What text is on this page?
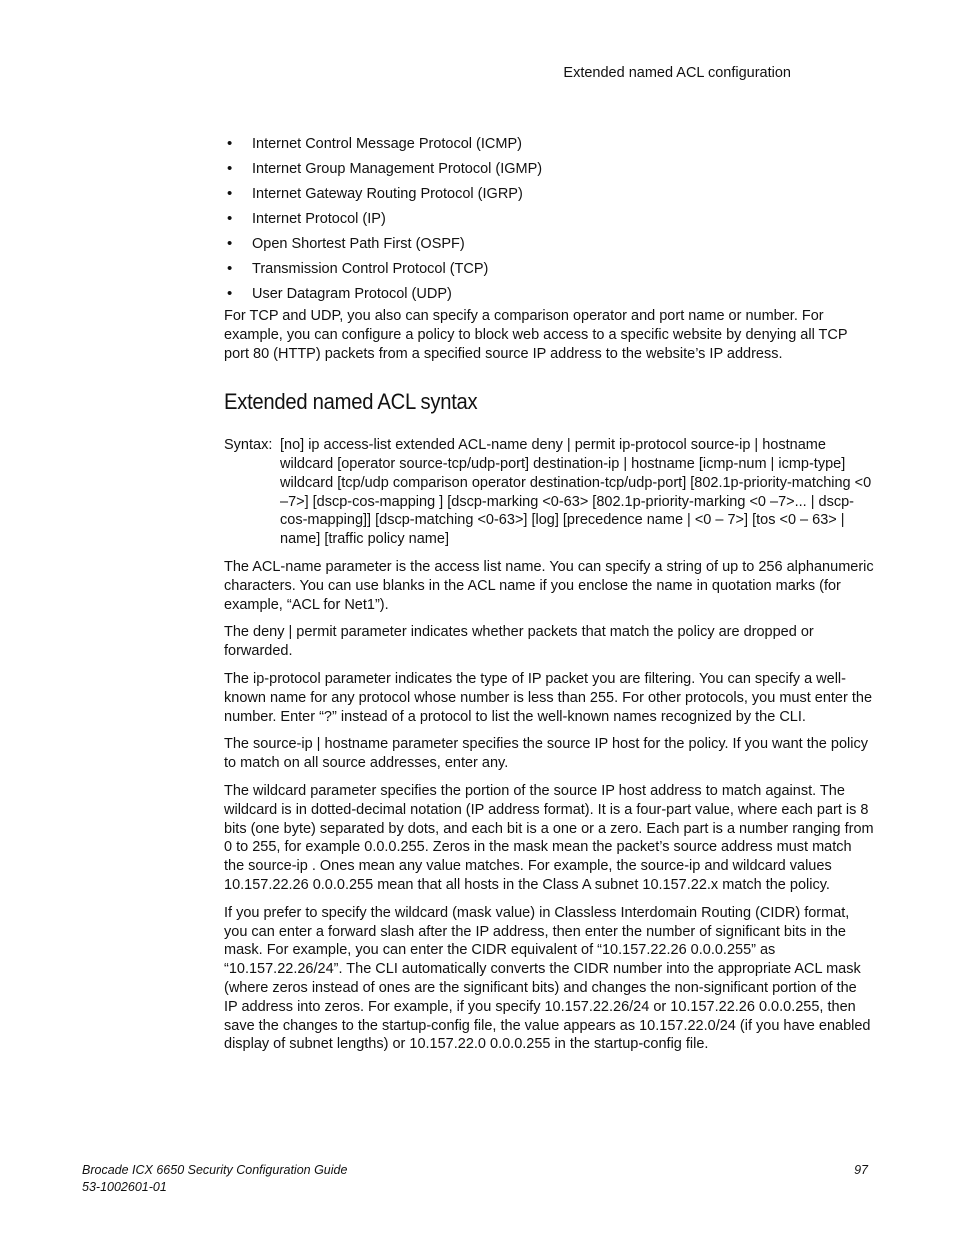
Extended named ACL configuration
• Internet Control Message Protocol (ICMP)
• Internet Group Management Protocol (IGMP)
• Internet Gateway Routing Protocol (IGRP)
• Internet Protocol (IP)
• Open Shortest Path First (OSPF)
• Transmission Control Protocol (TCP)
• User Datagram Protocol (UDP)

For TCP and UDP, you also can specify a comparison operator and port name or number. For example, you can configure a policy to block web access to a specific website by denying all TCP port 80 (HTTP) packets from a specified source IP address to the website’s IP address.

Extended named ACL syntax
Syntax: [no] ip access-list extended ACL-name deny | permit ip-protocol source-ip | hostname wildcard [operator source-tcp/udp-port] destination-ip | hostname [icmp-num | icmp-type] wildcard [tcp/udp comparison operator destination-tcp/udp-port] [802.1p-priority-matching <0 –7>] [dscp-cos-mapping ] [dscp-marking <0-63> [802.1p-priority-marking <0 –7>... | dscp-cos-mapping]] [dscp-matching <0-63>] [log] [precedence name | <0 – 7>] [tos <0 – 63> | name] [traffic policy name]

The ACL-name parameter is the access list name. You can specify a string of up to 256 alphanumeric characters. You can use blanks in the ACL name if you enclose the name in quotation marks (for example, “ACL for Net1”).

The deny | permit parameter indicates whether packets that match the policy are dropped or forwarded.

The ip-protocol parameter indicates the type of IP packet you are filtering. You can specify a well-known name for any protocol whose number is less than 255. For other protocols, you must enter the number. Enter “?” instead of a protocol to list the well-known names recognized by the CLI.

The source-ip | hostname parameter specifies the source IP host for the policy. If you want the policy to match on all source addresses, enter any.

The wildcard parameter specifies the portion of the source IP host address to match against. The wildcard is in dotted-decimal notation (IP address format). It is a four-part value, where each part is 8 bits (one byte) separated by dots, and each bit is a one or a zero. Each part is a number ranging from 0 to 255, for example 0.0.0.255. Zeros in the mask mean the packet’s source address must match the source-ip . Ones mean any value matches. For example, the source-ip and wildcard values 10.157.22.26 0.0.0.255 mean that all hosts in the Class A subnet 10.157.22.x match the policy.

If you prefer to specify the wildcard (mask value) in Classless Interdomain Routing (CIDR) format, you can enter a forward slash after the IP address, then enter the number of significant bits in the mask. For example, you can enter the CIDR equivalent of “10.157.22.26 0.0.0.255” as “10.157.22.26/24”. The CLI automatically converts the CIDR number into the appropriate ACL mask (where zeros instead of ones are the significant bits) and changes the non-significant portion of the IP address into zeros. For example, if you specify 10.157.22.26/24 or 10.157.22.26 0.0.0.255, then save the changes to the startup-config file, the value appears as 10.157.22.0/24 (if you have enabled display of subnet lengths) or 10.157.22.0 0.0.0.255 in the startup-config file.

Brocade ICX 6650 Security Configuration Guide
53-1002601-01
97
